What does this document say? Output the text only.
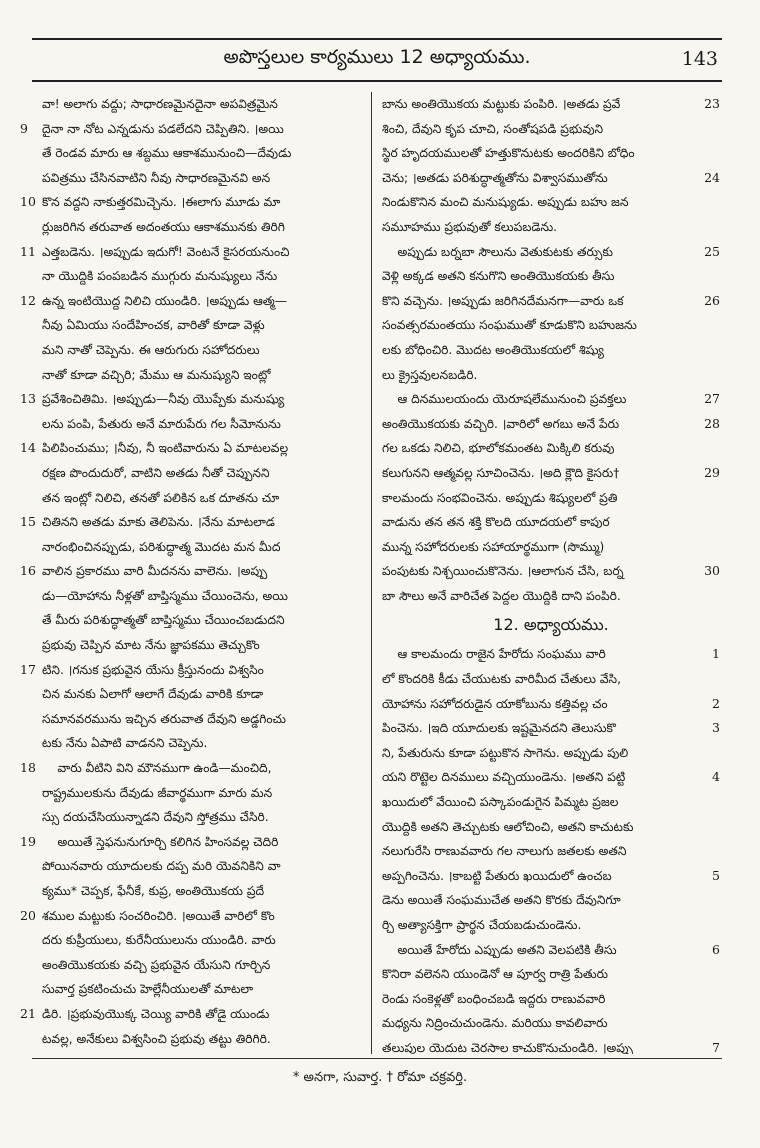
అపొస్తలుల కార్యములు 12 అధ్యాయము.	143
వా! అలాగు వద్దు; సాధారణమైనదైనా అపవిత్రమైన
9 దైనా నా నోట ఎన్నడును పడలేదని చెప్పితిని. ।అయి
తే రెండవ మారు ఆ శబ్దము ఆకాశమునుంచి—దేవుడు
పవిత్రము చేసినవాటిని నీవు సాధారణమైనవి అన
10 కొన వద్దని నాకుత్తరమిచ్చెను. ।ఈలాగు మూడు మా
ర్లుజరిగిన తరువాత అదంతయు ఆకాశమునకు తిరిగి
11 ఎత్తబడెను. ।అప్పుడు ఇదుగో! వెంటనే కైసరయనుంచి
నా యొద్దికి పంపబడిన ముగ్గురు మనుష్యులు నేను
12 ఉన్న ఇంటియొద్ద నిలిచి యుండిరి. ।అప్పుడు ఆత్మ—
నీవు ఏమియు సందేహించక, వారితో కూడా వెళ్లు
మని నాతో చెప్పెను. ఈ ఆరుగురు సహోదరులు
నాతో కూడా వచ్చిరి; మేము ఆ మనుష్యుని ఇంట్లో
13 ప్రవేశించితిమి. ।అప్పుడు—నీవు యొప్పేకు మనుష్యు
లను పంపి, పేతురు అనే మారుపేరు గల సీమోనును
14 పిలిపించుము; ।నీవు, నీ ఇంటివారును ఏ మాటలవల్ల
రక్షణ పొందుదురో, వాటిని అతడు నీతో చెప్పునని
తన ఇంట్లో నిలిచి, తనతో పలికిన ఒక దూతను చూ
15 చితినని అతడు మాకు తెలిపెను. ।నేను మాటలాడ
నారంభించినప్పుడు, పరిశుద్ధాత్మ మొదట మన మీద
16 వాలిన ప్రకారము వారి మీదనను వాలెను. ।అప్పు
డు—యోహాను నీళ్లతో బాప్తిస్మము చేయించెను, అయి
తే మీరు పరిశుద్ధాత్మతో బాప్తిస్మము చేయించబడుదని
ప్రభువు చెప్పిన మాట నేను జ్ఞాపకము తెచ్చుకొం
17 టిని. ।గనుక ప్రభువైన యేసు క్రీస్తునందు విశ్వసిం
చిన మనకు ఏలాగో ఆలాగే దేవుడు వారికి కూడా
సమానవరమును ఇచ్చిన తరువాత దేవుని అడ్డగించు
టకు నేను ఏపాటి వాడనని చెప్పెను.
18    వారు వీటిని విని మౌనముగా ఉండి—మంచిది,
రాష్ట్రములకును దేవుడు జీవార్థముగా మారు మన
స్సు దయచేసియున్నాడని దేవుని స్తోత్రము చేసిరి.
19    అయితే స్తెఫనునుగూర్చి కలిగిన హింసవల్ల చెదిరి
పోయినవారు యూదులకు దప్ప మరి యెవనికిని వా
క్యము* చెప్పక, ఫేనీకే, కుప్ర, అంతియొకయ ప్రదే
20 శముల మట్టుకు సంచరించిరి. ।అయితే వారిలో కొం
దరు కుప్రీయులు, కురేనీయులును యుండిరి. వారు
అంతియొకయకు వచ్చి ప్రభువైన యేసుని గూర్చిన
సువార్త ప్రకటించుచు హెల్లేనీయులతో మాటలా
21 డిరి. ।ప్రభువుయొక్క చెయ్యి వారికి తోడై యుండు
టవల్ల, అనేకులు విశ్వసించి ప్రభువు తట్టు తిరిగిరి.
బాను అంతియొకయ మట్టుకు పంపిరి. ।అతడు ప్రవే	23
శించి, దేవుని కృప చూచి, సంతోషపడి ప్రభువుని
స్థిర హృదయములతో హత్తుకొనుటకు అందరికిని బోధిం
చెను; ।అతడు పరిశుద్ధాత్మతోను విశ్వాసముతోను	24
నిండుకొనిన మంచి మనుష్యుడు. అప్పుడు బహు జన
సమూహము ప్రభువుతో కలుపబడెను.
అప్పుడు బర్నబా సౌలును వెతుకుటకు తర్సుకు	25
వెళ్లి అక్కడ అతని కనుగొని అంతియొకయకు తీసు
కొని వచ్చెను. ।అప్పుడు జరిగినదేమనగా—వారు ఒక	26
సంవత్సరమంతయు సంఘముతో కూడుకొని బహుజను
లకు బోధించిరి. మొదట అంతియొకయలో శిష్యు
లు క్రైస్తవులనబడిరి.
ఆ దినములయందు యెరూషలేమునుంచి ప్రవక్తలు	27
అంతియొకయకు వచ్చిరి. ।వారిలో అగబు అనే పేరు	28
గల ఒకడు నిలిచి, భూలోకమంతట మిక్కిలి కరువు
కలుగునని ఆత్మవల్ల సూచించెను. ।అది క్లౌది కైసరు†	29
కాలమందు సంభవించెను. అప్పుడు శిష్యులలో ప్రతి
వాడును తన తన శక్తి కొలది యూదయలో కాపుర
మున్న సహోదరులకు సహాయార్థముగా (సొమ్ము)
పంపుటకు నిశ్చయించుకొనెను. ।ఆలాగున చేసి, బర్న	30
బా సౌలు అనే వారిచేత పెద్దల యొద్దికి దాని పంపిరి.
12. అధ్యాయము.
ఆ కాలమందు రాజైన హేరోదు సంఘము వారి	1
లో కొందరికి కీడు చేయుటకు వారిమీద చేతులు వేసి,
యోహాను సహోదరుడైన యాకోబును కత్తివల్ల చం	2
పించెను. ।ఇది యూదులకు ఇష్టమైనదని తెలుసుకొ	3
ని, పేతురును కూడా పట్టుకొన సాగెను. అప్పుడు పులి
యని రొట్టెల దినములు వచ్చియుండెను. ।అతని పట్టి	4
ఖయిదులో వేయించి పస్కాపండుగైన పిమ్మట ప్రజల
యొద్దికి అతని తెచ్చుటకు ఆలోచించి, అతని కాచుటకు
నలుగురేసి రాణువవారు గల నాలుగు జతలకు అతని
అప్పగించెను. ।కాబట్టి పేతురు ఖయిదులో ఉంచబ	5
డెను అయితే సంఘముచేత అతని కొరకు దేవునిగూ
ర్చి అత్యాసక్తిగా ప్రార్థన చేయబడుచుండెను.
అయితే హేరోదు ఎప్పుడు అతని వెలపటికి తీసు	6
కొనిరా వలెనని యుండెనో ఆ పూర్వ రాత్రి పేతురు
రెండు సంకెళ్లతో బంధించబడి ఇద్దరు రాణువవారి
మధ్యను నిద్రించుచుండెను. మరియు కావలివారు
తలుపుల యెదుట చెరసాల కాచుకొనుచుండిరి. ।అప్పు	7
* అనగా, సువార్త. † రోమా చక్రవర్తి.
